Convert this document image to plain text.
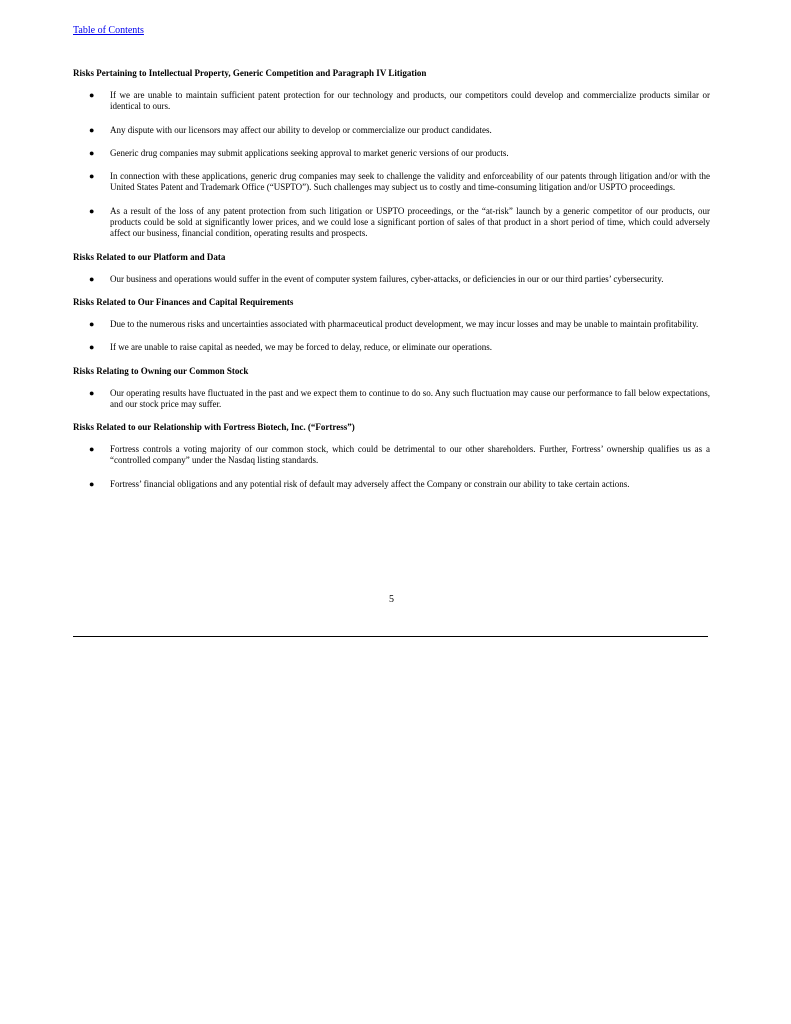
Table of Contents

Risks Pertaining to Intellectual Property, Generic Competition and Paragraph IV Litigation

● If we are unable to maintain sufficient patent protection for our technology and products, our competitors could develop and commercialize products similar or identical to ours.
● Any dispute with our licensors may affect our ability to develop or commercialize our product candidates.
● Generic drug companies may submit applications seeking approval to market generic versions of our products.
● In connection with these applications, generic drug companies may seek to challenge the validity and enforceability of our patents through litigation and/or with the United States Patent and Trademark Office (“USPTO”). Such challenges may subject us to costly and time-consuming litigation and/or USPTO proceedings.
● As a result of the loss of any patent protection from such litigation or USPTO proceedings, or the “at-risk” launch by a generic competitor of our products, our products could be sold at significantly lower prices, and we could lose a significant portion of sales of that product in a short period of time, which could adversely affect our business, financial condition, operating results and prospects.

Risks Related to our Platform and Data

● Our business and operations would suffer in the event of computer system failures, cyber-attacks, or deficiencies in our or our third parties’ cybersecurity.

Risks Related to Our Finances and Capital Requirements

● Due to the numerous risks and uncertainties associated with pharmaceutical product development, we may incur losses and may be unable to maintain profitability.
● If we are unable to raise capital as needed, we may be forced to delay, reduce, or eliminate our operations.

Risks Relating to Owning our Common Stock

● Our operating results have fluctuated in the past and we expect them to continue to do so. Any such fluctuation may cause our performance to fall below expectations, and our stock price may suffer.

Risks Related to our Relationship with Fortress Biotech, Inc. (“Fortress”)

● Fortress controls a voting majority of our common stock, which could be detrimental to our other shareholders. Further, Fortress’ ownership qualifies us as a “controlled company” under the Nasdaq listing standards.
● Fortress’ financial obligations and any potential risk of default may adversely affect the Company or constrain our ability to take certain actions.
5
